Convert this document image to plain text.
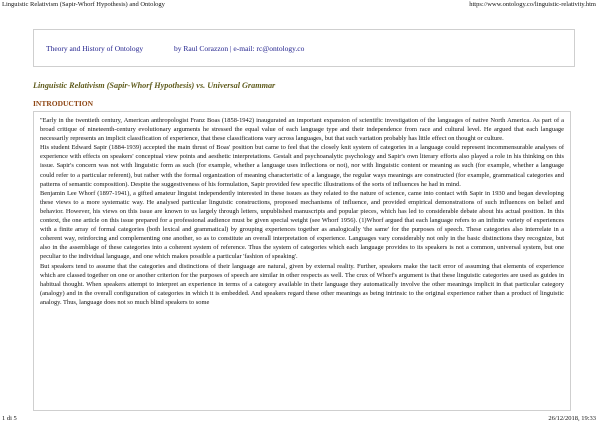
Linguistic Relativism (Sapir-Whorf Hypothesis) and Ontology	https://www.ontology.co/linguistic-relativity.htm
Theory and History of Ontology	by Raul Corazzon | e-mail: rc@ontology.co
Linguistic Relativism (Sapir-Whorf Hypothesis) vs. Universal Grammar
INTRODUCTION

"Early in the twentieth century, American anthropologist Franz Boas (1858-1942) inaugurated an important expansion of scientific investigation of the languages of native North America. As part of a broad critique of nineteenth-century evolutionary arguments he stressed the equal value of each language type and their independence from race and cultural level. He argued that each language necessarily represents an implicit classification of experience, that these classifications vary across languages, but that such variation probably has little effect on thought or culture.

His student Edward Sapir (1884-1939) accepted the main thrust of Boas' position but came to feel that the closely knit system of categories in a language could represent incommensurable analyses of experience with effects on speakers' conceptual view points and aesthetic interpretations. Gestalt and psychoanalytic psychology and Sapir's own literary efforts also played a role in his thinking on this issue. Sapir's concern was not with linguistic form as such (for example, whether a language uses inflections or not), nor with linguistic content or meaning as such (for example, whether a language could refer to a particular referent), but rather with the formal organization of meaning characteristic of a language, the regular ways meanings are constructed (for example, grammatical categories and patterns of semantic composition). Despite the suggestiveness of his formulation, Sapir provided few specific illustrations of the sorts of influences he had in mind.

Benjamin Lee Whorf (1897-1941), a gifted amateur linguist independently interested in these issues as they related to the nature of science, came into contact with Sapir in 1930 and began developing these views to a more systematic way. He analysed particular linguistic constructions, proposed mechanisms of influence, and provided empirical demonstrations of such influences on belief and behavior. However, his views on this issue are known to us largely through letters, unpublished manuscripts and popular pieces, which has led to considerable debate about his actual position. In this context, the one article on this issue prepared for a professional audience must be given special weight (see Whorf 1956). (1)Whorf argued that each language refers to an infinite variety of experiences with a finite array of formal categories (both lexical and grammatical) by grouping experiences together as analogically 'the same' for the purposes of speech. These categories also interrelate in a coherent way, reinforcing and complementing one another, so as to constitute an overall interpretation of experience. Languages vary considerably not only in the basic distinctions they recognize, but also in the assemblage of these categories into a coherent system of reference. Thus the system of categories which each language provides to its speakers is not a common, universal system, but one peculiar to the individual language, and one which makes possible a particular 'fashion of speaking'.

But speakers tend to assume that the categories and distinctions of their language are natural, given by external reality. Further, speakers make the tacit error of assuming that elements of experience which are classed together on one or another criterion for the purposes of speech are similar in other respects as well. The crux of Whorf's argument is that these linguistic categories are used as guides in habitual thought. When speakers attempt to interpret an experience in terms of a category available in their language they automatically involve the other meanings implicit in that particular category (analogy) and in the overall configuration of categories in which it is embedded. And speakers regard these other meanings as being intrinsic to the original experience rather than a product of linguistic analogy. Thus, language does not so much blind speakers to some

1 di 5	26/12/2018, 19:33
